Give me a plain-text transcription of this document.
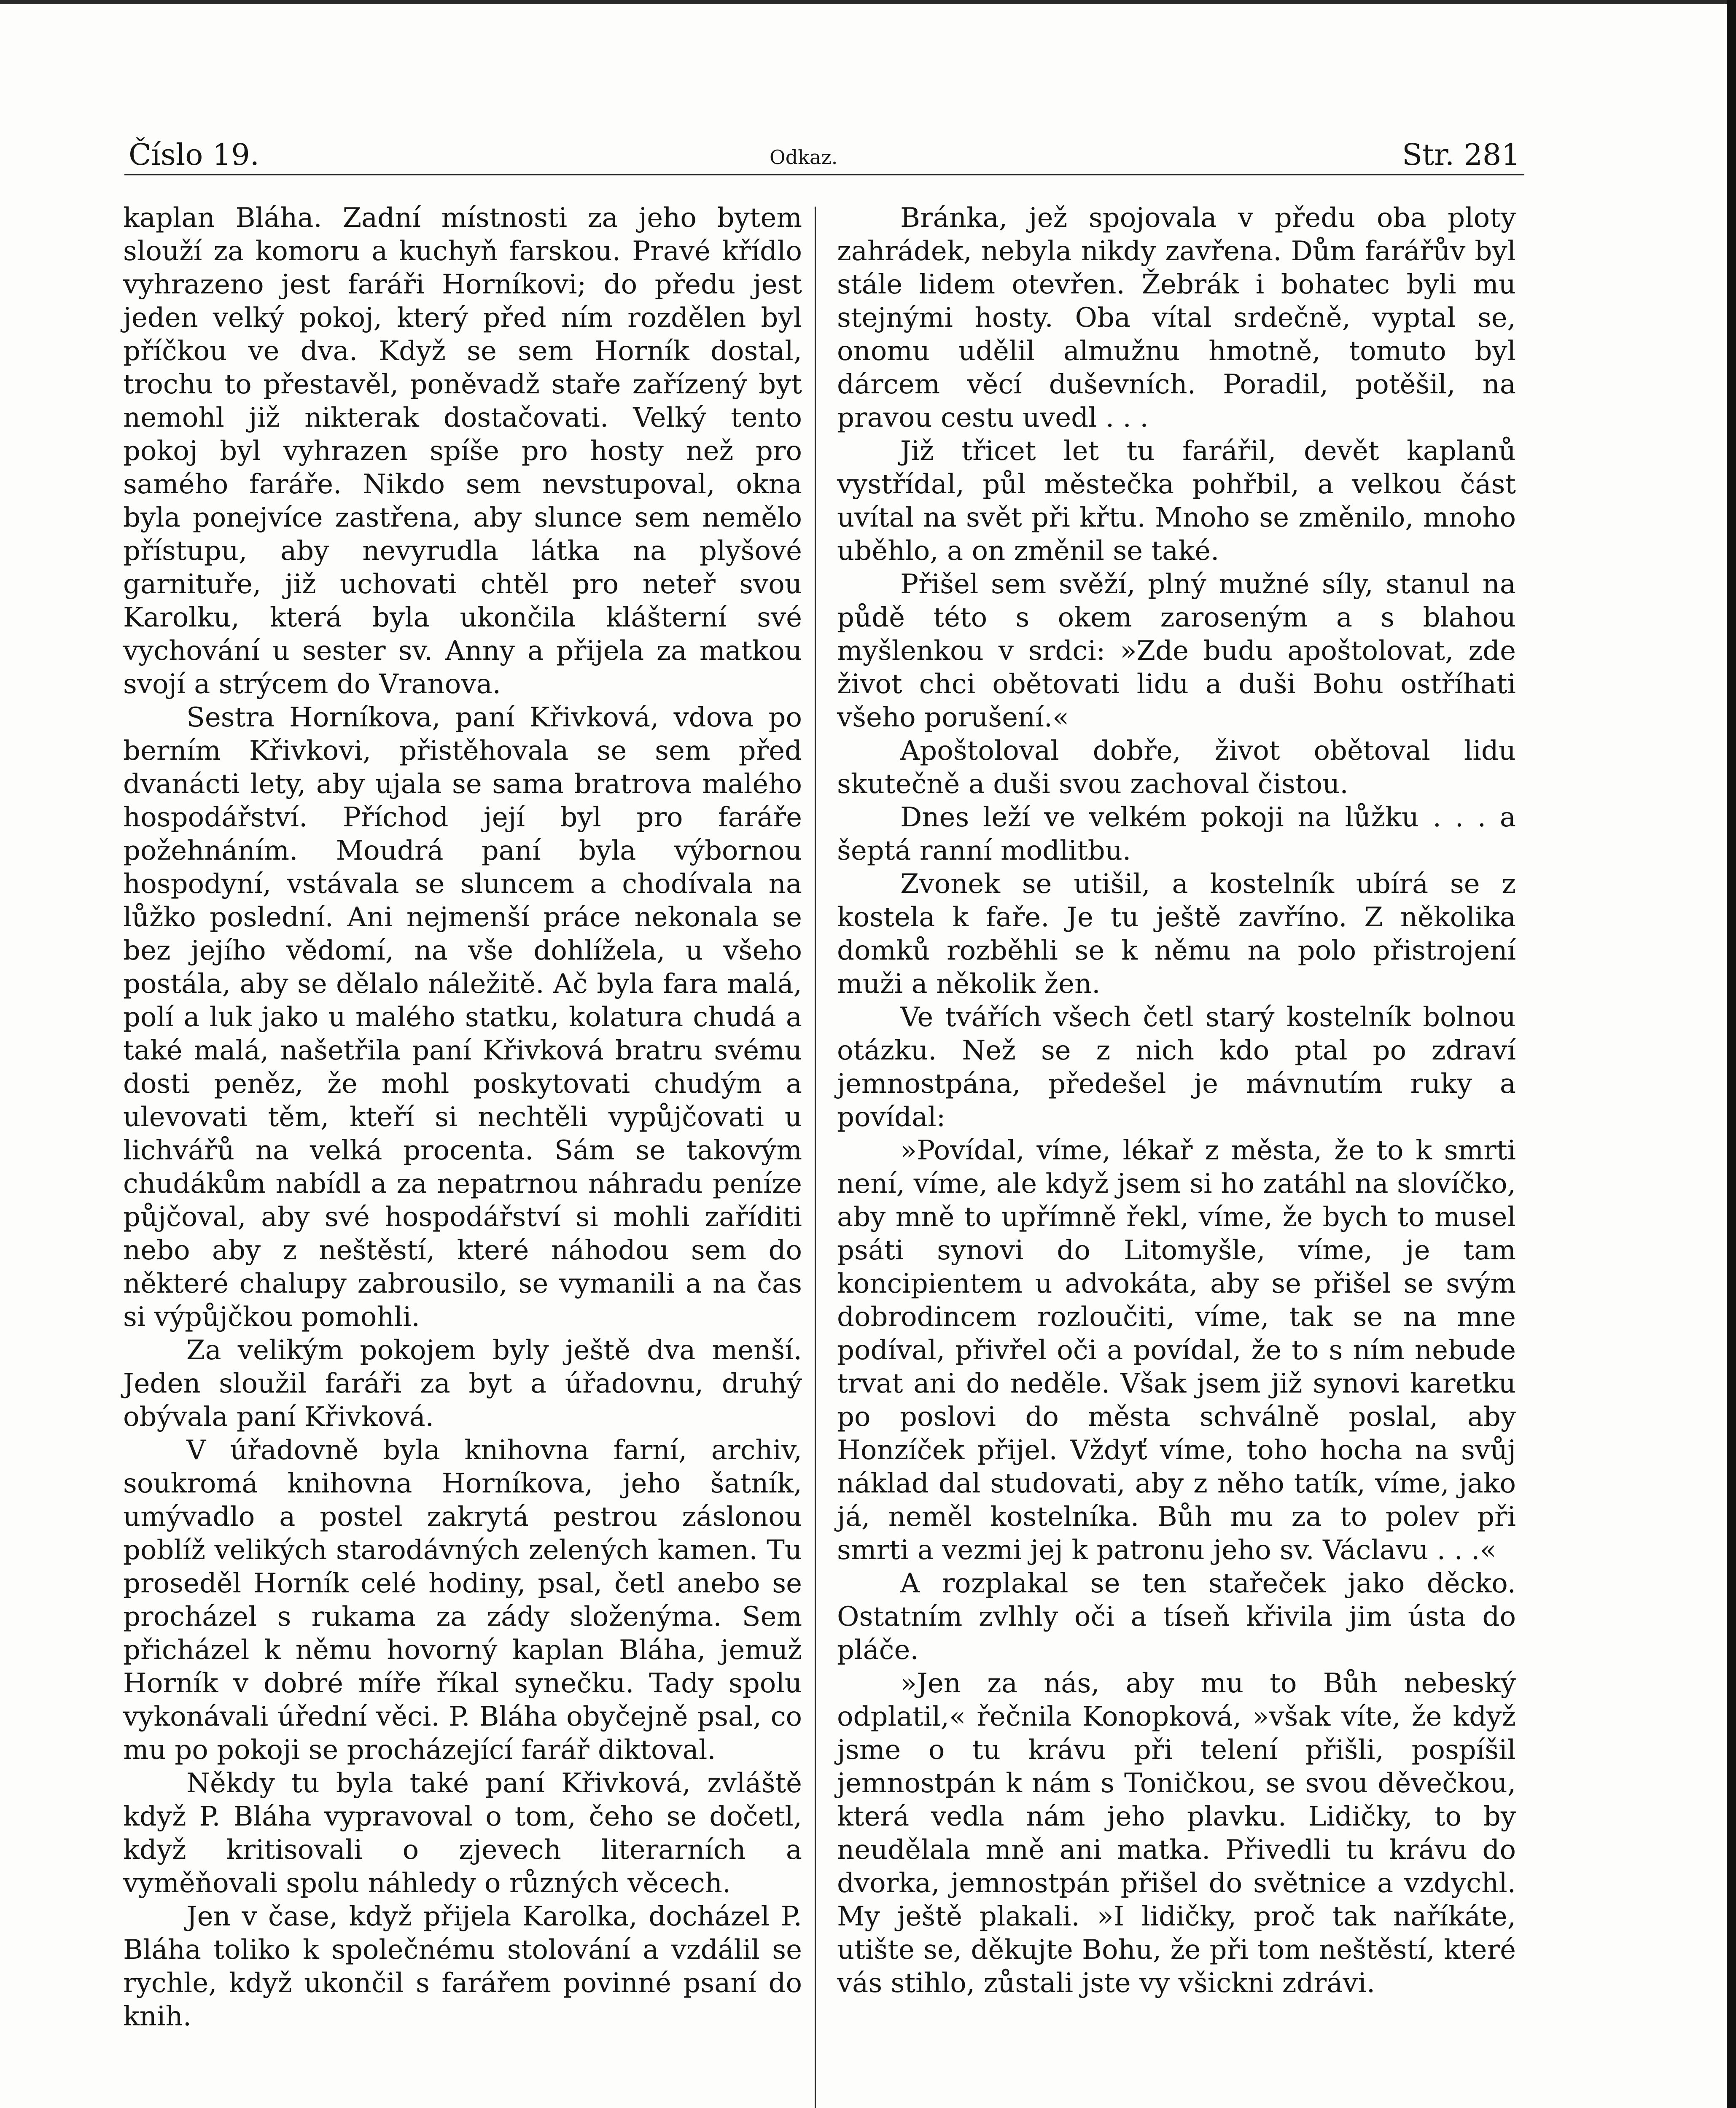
Číslo 19.	Odkaz.	Str. 281

kaplan Bláha. Zadní místnosti za jeho bytem slouží za komoru a kuchyň farskou. Pravé křídlo vyhrazeno jest faráři Horníkovi; do předu jest jeden velký pokoj, který před ním rozdělen byl příčkou ve dva. Když se sem Horník dostal, trochu to přestavěl, poněvadž staře zařízený byt nemohl již nikterak dostačovati. Velký tento pokoj byl vyhrazen spíše pro hosty než pro samého faráře. Nikdo sem nevstupoval, okna byla ponejvíce zastřena, aby slunce sem nemělo přístupu, aby nevyrudla látka na plyšové garnituře, již uchovati chtěl pro neteř svou Karolku, která byla ukončila klášterní své vychování u sester sv. Anny a přijela za matkou svojí a strýcem do Vranova.

Sestra Horníkova, paní Křivková, vdova po berním Křivkovi, přistěhovala se sem před dvanácti lety, aby ujala se sama bratrova malého hospodářství. Příchod její byl pro faráře požehnáním. Moudrá paní byla výbornou hospodyní, vstávala se sluncem a chodívala na lůžko poslední. Ani nejmenší práce nekonala se bez jejího vědomí, na vše dohlížela, u všeho postála, aby se dělalo náležitě. Ač byla fara malá, polí a luk jako u malého statku, kolatura chudá a také malá, našetřila paní Křivková bratru svému dosti peněz, že mohl poskytovati chudým a ulevovati těm, kteří si nechtěli vypůjčovati u lichvářů na velká procenta. Sám se takovým chudákům nabídl a za nepatrnou náhradu peníze půjčoval, aby své hospodářství si mohli zaříditi nebo aby z neštěstí, které náhodou sem do některé chalupy zabrousilo, se vymanili a na čas si výpůjčkou pomohli.

Za velikým pokojem byly ještě dva menší. Jeden sloužil faráři za byt a úřadovnu, druhý obývala paní Křivková.

V úřadovně byla knihovna farní, archiv, soukromá knihovna Horníkova, jeho šatník, umývadlo a postel zakrytá pestrou záslonou poblíž velikých starodávných zelených kamen. Tu proseděl Horník celé hodiny, psal, četl anebo se procházel s rukama za zády složenýma. Sem přicházel k němu hovorný kaplan Bláha, jemuž Horník v dobré míře říkal synečku. Tady spolu vykonávali úřední věci. P. Bláha obyčejně psal, co mu po pokoji se procházející farář diktoval.

Někdy tu byla také paní Křivková, zvláště když P. Bláha vypravoval o tom, čeho se dočetl, když kritisovali o zjevech literarních a vyměňovali spolu náhledy o různých věcech.

Jen v čase, když přijela Karolka, docházel P. Bláha toliko k společnému stolování a vzdálil se rychle, když ukončil s farářem povinné psaní do knih.

Bránka, jež spojovala v předu oba ploty zahrádek, nebyla nikdy zavřena. Dům farářův byl stále lidem otevřen. Žebrák i bohatec byli mu stejnými hosty. Oba vítal srdečně, vyptal se, onomu udělil almužnu hmotně, tomuto byl dárcem věcí duševních. Poradil, potěšil, na pravou cestu uvedl . . .

Již třicet let tu farářil, devět kaplanů vystřídal, půl městečka pohřbil, a velkou část uvítal na svět při křtu. Mnoho se změnilo, mnoho uběhlo, a on změnil se také.

Přišel sem svěží, plný mužné síly, stanul na půdě této s okem zaroseným a s blahou myšlenkou v srdci: »Zde budu apoštolovat, zde život chci obětovati lidu a duši Bohu ostříhati všeho porušení.«

Apoštoloval dobře, život obětoval lidu skutečně a duši svou zachoval čistou.

Dnes leží ve velkém pokoji na lůžku . . . a šeptá ranní modlitbu.

Zvonek se utišil, a kostelník ubírá se z kostela k faře. Je tu ještě zavříno. Z několika domků rozběhli se k němu na polo přistrojení muži a několik žen.

Ve tvářích všech četl starý kostelník bolnou otázku. Než se z nich kdo ptal po zdraví jemnostpána, předešel je mávnutím ruky a povídal:

»Povídal, víme, lékař z města, že to k smrti není, víme, ale když jsem si ho zatáhl na slovíčko, aby mně to upřímně řekl, víme, že bych to musel psáti synovi do Litomyšle, víme, je tam koncipientem u advokáta, aby se přišel se svým dobrodincem rozloučiti, víme, tak se na mne podíval, přivřel oči a povídal, že to s ním nebude trvat ani do neděle. Však jsem již synovi karetku po poslovi do města schválně poslal, aby Honzíček přijel. Vždyť víme, toho hocha na svůj náklad dal studovati, aby z něho tatík, víme, jako já, neměl kostelníka. Bůh mu za to polev při smrti a vezmi jej k patronu jeho sv. Václavu . . .«

A rozplakal se ten stařeček jako děcko. Ostatním zvlhly oči a tíseň křivila jim ústa do pláče.

»Jen za nás, aby mu to Bůh nebeský odplatil,« řečnila Konopková, »však víte, že když jsme o tu krávu při telení přišli, pospíšil jemnostpán k nám s Toničkou, se svou děvečkou, která vedla nám jeho plavku. Lidičky, to by neudělala mně ani matka. Přivedli tu krávu do dvorka, jemnostpán přišel do světnice a vzdychl. My ještě plakali. »I lidičky, proč tak naříkáte, utište se, děkujte Bohu, že při tom neštěstí, které vás stihlo, zůstali jste vy všickni zdrávi.
